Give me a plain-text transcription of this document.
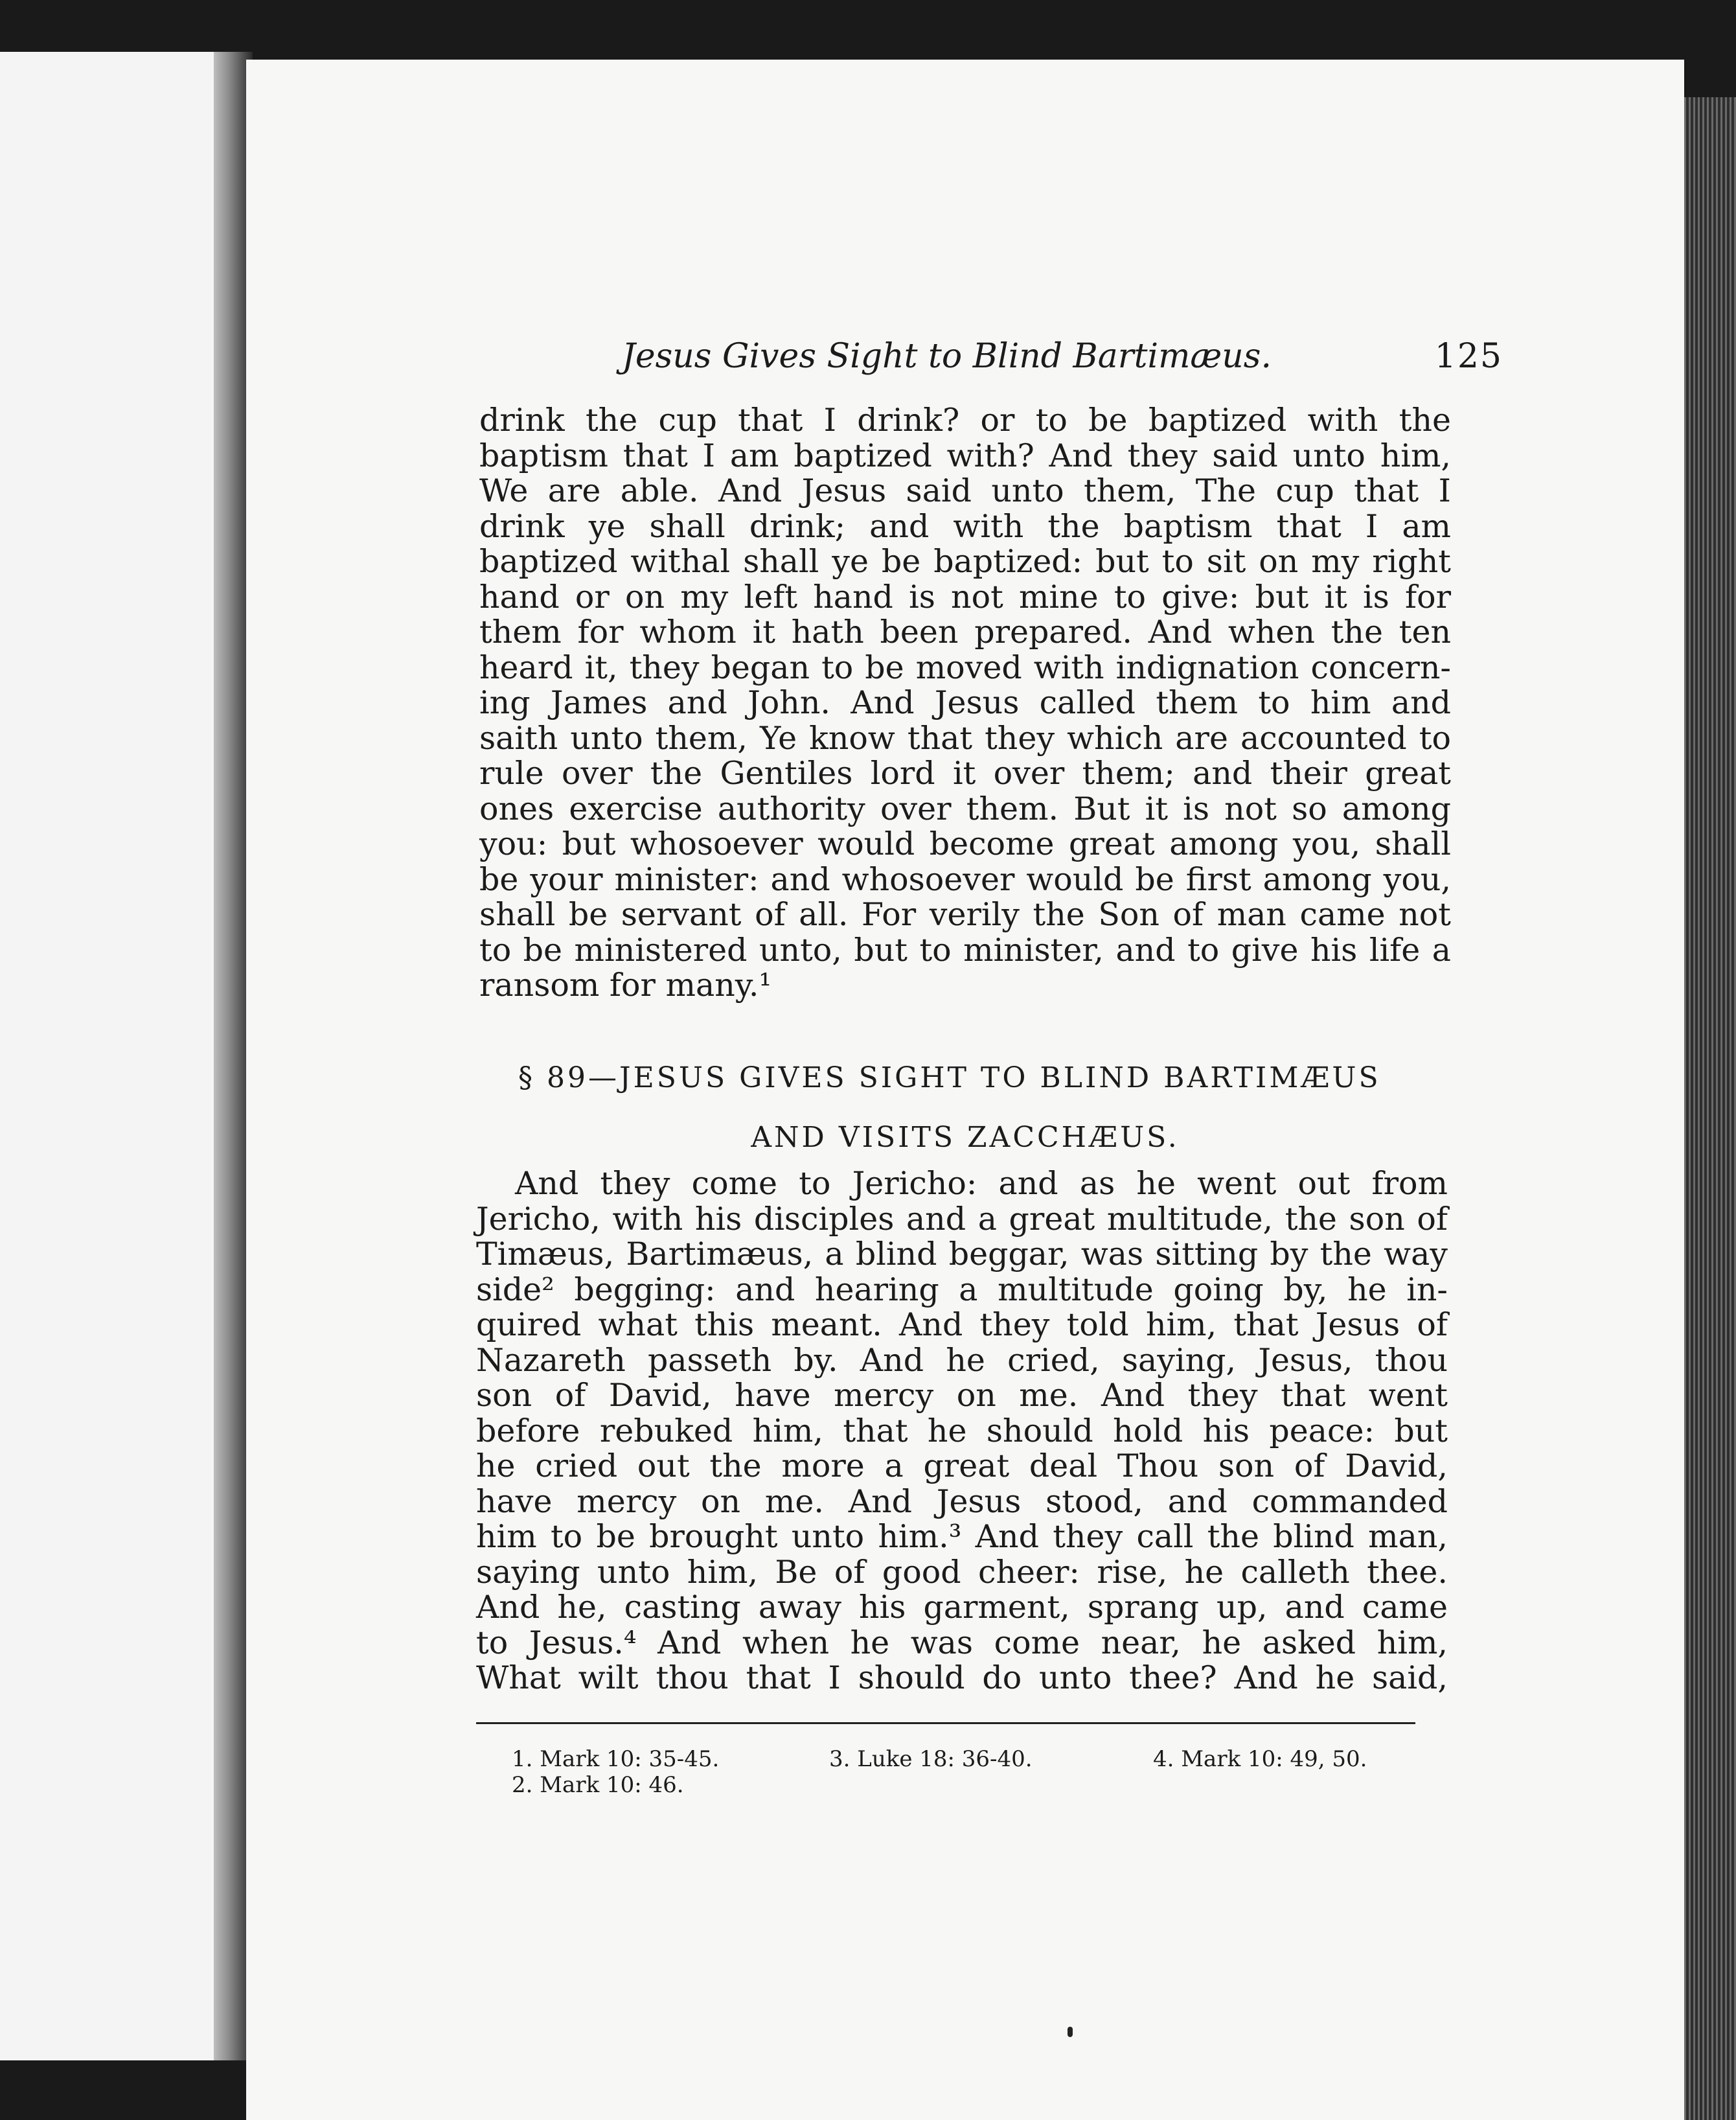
Jesus Gives Sight to Blind Bartimæus.	125
drink the cup that I drink? or to be baptized with the
baptism that I am baptized with? And they said unto him,
We are able. And Jesus said unto them, The cup that I
drink ye shall drink; and with the baptism that I am
baptized withal shall ye be baptized: but to sit on my right
hand or on my left hand is not mine to give: but it is for
them for whom it hath been prepared. And when the ten
heard it, they began to be moved with indignation concern-
ing James and John. And Jesus called them to him and
saith unto them, Ye know that they which are accounted to
rule over the Gentiles lord it over them; and their great
ones exercise authority over them. But it is not so among
you: but whosoever would become great among you, shall
be your minister: and whosoever would be first among you,
shall be servant of all. For verily the Son of man came not
to be ministered unto, but to minister, and to give his life a
ransom for many.¹
§ 89—JESUS GIVES SIGHT TO BLIND BARTIMÆUS
AND VISITS ZACCHÆUS.
And they come to Jericho: and as he went out from
Jericho, with his disciples and a great multitude, the son of
Timæus, Bartimæus, a blind beggar, was sitting by the way
side² begging: and hearing a multitude going by, he in-
quired what this meant. And they told him, that Jesus of
Nazareth passeth by. And he cried, saying, Jesus, thou
son of David, have mercy on me. And they that went
before rebuked him, that he should hold his peace: but
he cried out the more a great deal Thou son of David,
have mercy on me. And Jesus stood, and commanded
him to be brought unto him.³ And they call the blind man,
saying unto him, Be of good cheer: rise, he calleth thee.
And he, casting away his garment, sprang up, and came
to Jesus.⁴ And when he was come near, he asked him,
What wilt thou that I should do unto thee? And he said,
1. Mark 10: 35-45.
2. Mark 10: 46.
3. Luke 18: 36-40.	4. Mark 10: 49, 50.
